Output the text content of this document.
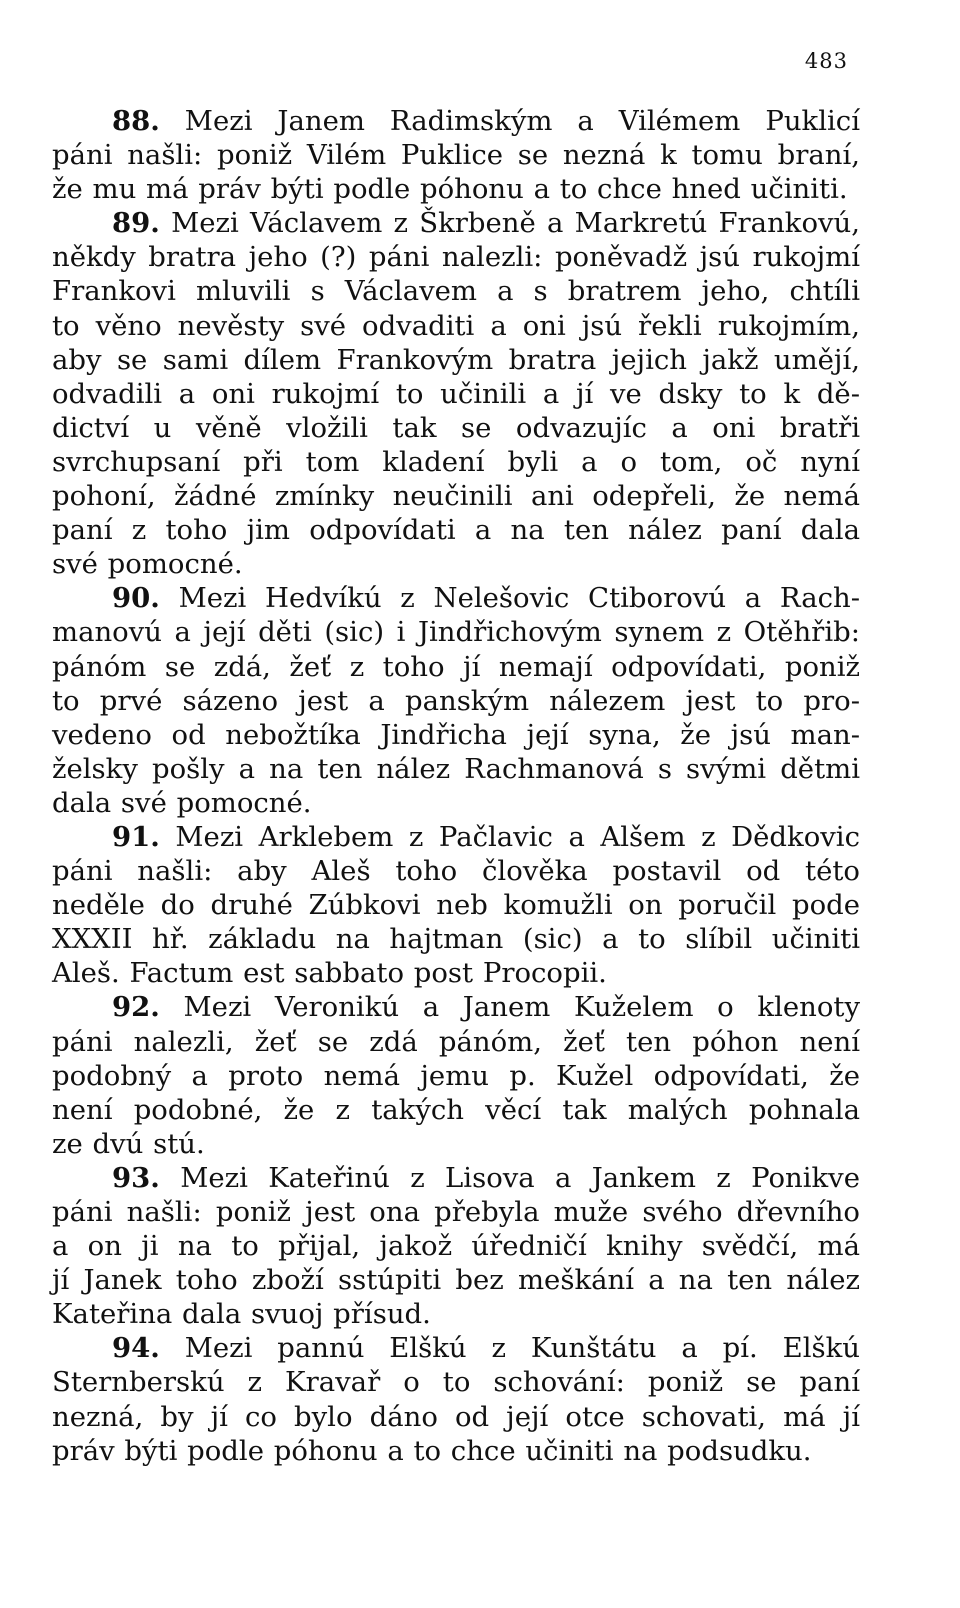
483
88. Mezi Janem Radimským a Vilémem Puklicí
páni našli: poniž Vilém Puklice se nezná k tomu braní,
že mu má práv býti podle póhonu a to chce hned učiniti.
89. Mezi Václavem z Škrbeně a Markretú Frankovú,
někdy bratra jeho (?) páni nalezli: poněvadž jsú rukojmí
Frankovi mluvili s Václavem a s bratrem jeho, chtíli
to věno nevěsty své odvaditi a oni jsú řekli rukojmím,
aby se sami dílem Frankovým bratra jejich jakž umějí,
odvadili a oni rukojmí to učinili a jí ve dsky to k dě-
dictví u věně vložili tak se odvazujíc a oni bratři
svrchupsaní při tom kladení byli a o tom, oč nyní
pohoní, žádné zmínky neučinili ani odepřeli, že nemá
paní z toho jim odpovídati a na ten nález paní dala
své pomocné.
90. Mezi Hedvíkú z Nelešovic Ctiborovú a Rach-
manovú a její děti (sic) i Jindřichovým synem z Otěhřib:
pánóm se zdá, žeť z toho jí nemají odpovídati, poniž
to prvé sázeno jest a panským nálezem jest to pro-
vedeno od nebožtíka Jindřicha její syna, že jsú man-
želsky pošly a na ten nález Rachmanová s svými dětmi
dala své pomocné.
91. Mezi Arklebem z Pačlavic a Alšem z Dědkovic
páni našli: aby Aleš toho člověka postavil od této
neděle do druhé Zúbkovi neb komužli on poručil pode
XXXII hř. základu na hajtman (sic) a to slíbil učiniti
Aleš. Factum est sabbato post Procopii.
92. Mezi Veronikú a Janem Kuželem o klenoty
páni nalezli, žeť se zdá pánóm, žeť ten póhon není
podobný a proto nemá jemu p. Kužel odpovídati, že
není podobné, že z takých věcí tak malých pohnala
ze dvú stú.
93. Mezi Kateřinú z Lisova a Jankem z Ponikve
páni našli: poniž jest ona přebyla muže svého dřevního
a on ji na to přijal, jakož úředničí knihy svědčí, má
jí Janek toho zboží sstúpiti bez meškání a na ten nález
Kateřina dala svuoj přísud.
94. Mezi pannú Elškú z Kunštátu a pí. Elškú
Sternberskú z Kravař o to schování: poniž se paní
nezná, by jí co bylo dáno od její otce schovati, má jí
práv býti podle póhonu a to chce učiniti na podsudku.
